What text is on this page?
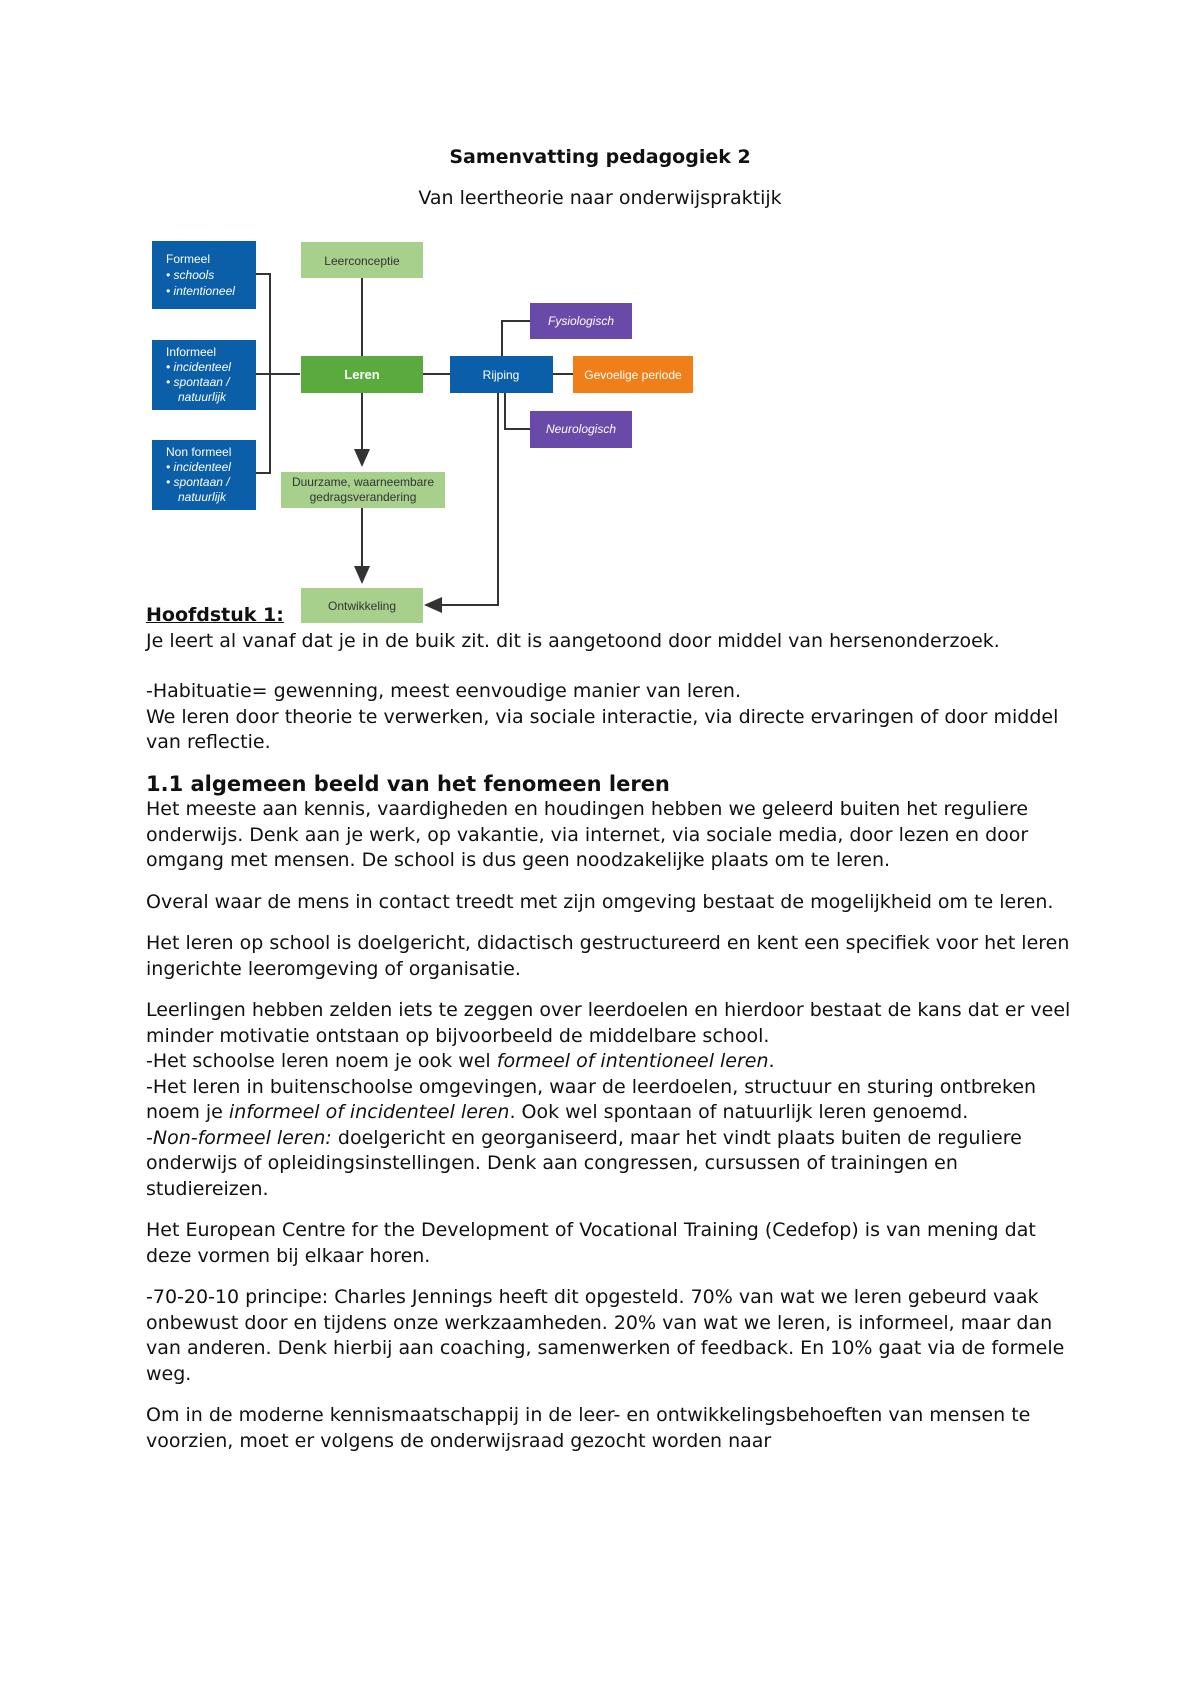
Samenvatting pedagogiek 2
Van leertheorie naar onderwijspraktijk
Formeel
• schools
• intentioneel
Informeel
• incidenteel
• spontaan /
natuurlijk
Non formeel
• incidenteel
• spontaan /
natuurlijk
Leerconceptie
Leren
Duurzame, waarneembare
gedragsverandering
Ontwikkeling
Rijping
Fysiologisch
Gevoelige periode
Neurologisch

Hoofdstuk 1:

Je leert al vanaf dat je in de buik zit. dit is aangetoond door middel van hersenonderzoek.

-Habituatie= gewenning, meest eenvoudige manier van leren.

We leren door theorie te verwerken, via sociale interactie, via directe ervaringen of door middel van reflectie.

1.1 algemeen beeld van het fenomeen leren

Het meeste aan kennis, vaardigheden en houdingen hebben we geleerd buiten het reguliere onderwijs. Denk aan je werk, op vakantie, via internet, via sociale media, door lezen en door omgang met mensen. De school is dus geen noodzakelijke plaats om te leren.

Overal waar de mens in contact treedt met zijn omgeving bestaat de mogelijkheid om te leren.

Het leren op school is doelgericht, didactisch gestructureerd en kent een specifiek voor het leren ingerichte leeromgeving of organisatie.

Leerlingen hebben zelden iets te zeggen over leerdoelen en hierdoor bestaat de kans dat er veel minder motivatie ontstaan op bijvoorbeeld de middelbare school.

-Het schoolse leren noem je ook wel formeel of intentioneel leren.

-Het leren in buitenschoolse omgevingen, waar de leerdoelen, structuur en sturing ontbreken noem je informeel of incidenteel leren. Ook wel spontaan of natuurlijk leren genoemd.

-Non-formeel leren: doelgericht en georganiseerd, maar het vindt plaats buiten de reguliere onderwijs of opleidingsinstellingen. Denk aan congressen, cursussen of trainingen en studiereizen.

Het European Centre for the Development of Vocational Training (Cedefop) is van mening dat deze vormen bij elkaar horen.

-70-20-10 principe: Charles Jennings heeft dit opgesteld. 70% van wat we leren gebeurd vaak onbewust door en tijdens onze werkzaamheden. 20% van wat we leren, is informeel, maar dan van anderen. Denk hierbij aan coaching, samenwerken of feedback. En 10% gaat via de formele weg.

Om in de moderne kennismaatschappij in de leer- en ontwikkelingsbehoeften van mensen te voorzien, moet er volgens de onderwijsraad gezocht worden naar
